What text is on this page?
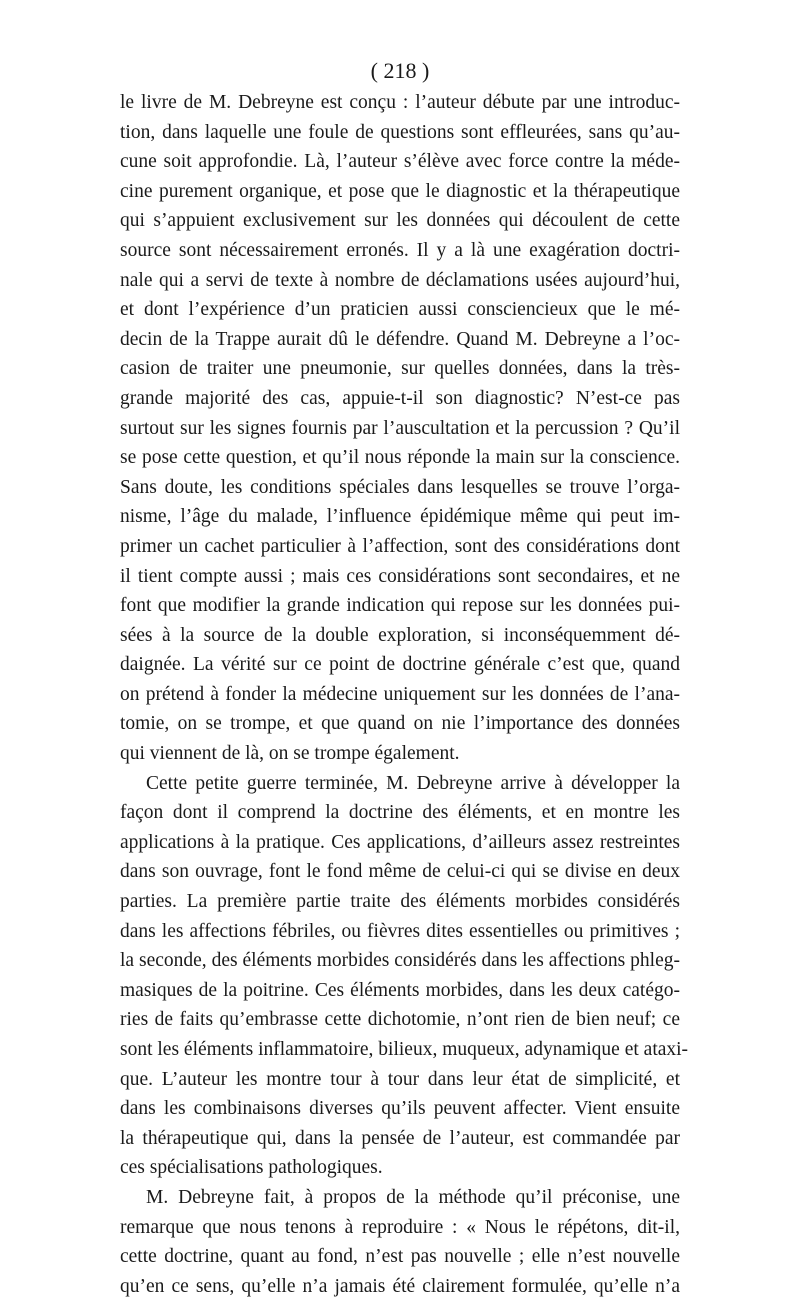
( 218 )
le livre de M. Debreyne est conçu : l’auteur débute par une introduc-
tion, dans laquelle une foule de questions sont effleurées, sans qu’au-
cune soit approfondie. Là, l’auteur s’élève avec force contre la méde-
cine purement organique, et pose que le diagnostic et la thérapeutique
qui s’appuient exclusivement sur les données qui découlent de cette
source sont nécessairement erronés. Il y a là une exagération doctri-
nale qui a servi de texte à nombre de déclamations usées aujourd’hui,
et dont l’expérience d’un praticien aussi consciencieux que le mé-
decin de la Trappe aurait dû le défendre. Quand M. Debreyne a l’oc-
casion de traiter une pneumonie, sur quelles données, dans la très-
grande majorité des cas, appuie-t-il son diagnostic? N’est-ce pas
surtout sur les signes fournis par l’auscultation et la percussion ? Qu’il
se pose cette question, et qu’il nous réponde la main sur la conscience.
Sans doute, les conditions spéciales dans lesquelles se trouve l’orga-
nisme, l’âge du malade, l’influence épidémique même qui peut im-
primer un cachet particulier à l’affection, sont des considérations dont
il tient compte aussi ; mais ces considérations sont secondaires, et ne
font que modifier la grande indication qui repose sur les données pui-
sées à la source de la double exploration, si inconséquemment dé-
daignée. La vérité sur ce point de doctrine générale c’est que, quand
on prétend à fonder la médecine uniquement sur les données de l’ana-
tomie, on se trompe, et que quand on nie l’importance des données
qui viennent de là, on se trompe également.
Cette petite guerre terminée, M. Debreyne arrive à développer la
façon dont il comprend la doctrine des éléments, et en montre les
applications à la pratique. Ces applications, d’ailleurs assez restreintes
dans son ouvrage, font le fond même de celui-ci qui se divise en deux
parties. La première partie traite des éléments morbides considérés
dans les affections fébriles, ou fièvres dites essentielles ou primitives ;
la seconde, des éléments morbides considérés dans les affections phleg-
masiques de la poitrine. Ces éléments morbides, dans les deux catégo-
ries de faits qu’embrasse cette dichotomie, n’ont rien de bien neuf; ce
sont les éléments inflammatoire, bilieux, muqueux, adynamique et ataxi-
que. L’auteur les montre tour à tour dans leur état de simplicité, et
dans les combinaisons diverses qu’ils peuvent affecter. Vient ensuite
la thérapeutique qui, dans la pensée de l’auteur, est commandée par
ces spécialisations pathologiques.
M. Debreyne fait, à propos de la méthode qu’il préconise, une
remarque que nous tenons à reproduire : « Nous le répétons, dit-il,
cette doctrine, quant au fond, n’est pas nouvelle ; elle n’est nouvelle
qu’en ce sens, qu’elle n’a jamais été clairement formulée, qu’elle n’a
